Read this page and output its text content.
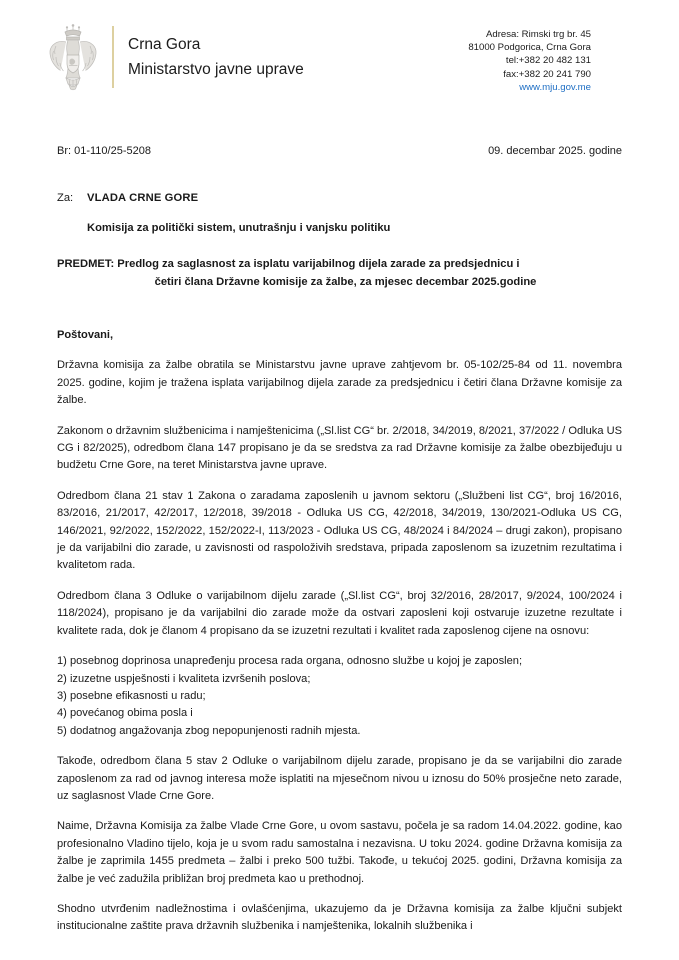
Crna Gora
Ministarstvo javne uprave
Adresa: Rimski trg br. 45
81000 Podgorica, Crna Gora
tel:+382 20 482 131
fax:+382 20 241 790
www.mju.gov.me
Br: 01-110/25-5208	09. decembar 2025. godine
Za:	VLADA CRNE GORE
Komisija za politički sistem, unutrašnju i vanjsku politiku
PREDMET: Predlog za saglasnost za isplatu varijabilnog dijela zarade za predsjednicu i
četiri člana Državne komisije za žalbe, za mjesec decembar 2025.godine

Poštovani,

Državna komisija za žalbe obratila se Ministarstvu javne uprave zahtjevom br. 05-102/25-84 od 11. novembra 2025. godine, kojim je tražena isplata varijabilnog dijela zarade za predsjednicu i četiri člana Državne komisije za žalbe.

Zakonom o državnim službenicima i namještenicima („Sl.list CG“ br. 2/2018, 34/2019, 8/2021, 37/2022 / Odluka US CG i 82/2025), odredbom člana 147 propisano je da se sredstva za rad Državne komisije za žalbe obezbijeđuju u budžetu Crne Gore, na teret Ministarstva javne uprave.

Odredbom člana 21 stav 1 Zakona o zaradama zaposlenih u javnom sektoru („Službeni list CG“, broj 16/2016, 83/2016, 21/2017, 42/2017, 12/2018, 39/2018 - Odluka US CG, 42/2018, 34/2019, 130/2021-Odluka US CG, 146/2021, 92/2022, 152/2022, 152/2022-I, 113/2023 - Odluka US CG, 48/2024 i 84/2024 – drugi zakon), propisano je da varijabilni dio zarade, u zavisnosti od raspoloživih sredstava, pripada zaposlenom sa izuzetnim rezultatima i kvalitetom rada.

Odredbom člana 3 Odluke o varijabilnom dijelu zarade („Sl.list CG“, broj 32/2016, 28/2017, 9/2024, 100/2024 i 118/2024), propisano je da varijabilni dio zarade može da ostvari zaposleni koji ostvaruje izuzetne rezultate i kvalitete rada, dok je članom 4 propisano da se izuzetni rezultati i kvalitet rada zaposlenog cijene na osnovu:

1) posebnog doprinosa unapređenju procesa rada organa, odnosno službe u kojoj je zaposlen;
2) izuzetne uspješnosti i kvaliteta izvršenih poslova;
3) posebne efikasnosti u radu;
4) povećanog obima posla i
5) dodatnog angažovanja zbog nepopunjenosti radnih mjesta.

Takođe, odredbom člana 5 stav 2 Odluke o varijabilnom dijelu zarade, propisano je da se varijabilni dio zarade zaposlenom za rad od javnog interesa može isplatiti na mjesečnom nivou u iznosu do 50% prosječne neto zarade, uz saglasnost Vlade Crne Gore.

Naime, Državna Komisija za žalbe Vlade Crne Gore, u ovom sastavu, počela je sa radom 14.04.2022. godine, kao profesionalno Vladino tijelo, koja je u svom radu samostalna i nezavisna. U toku 2024. godine Državna komisija za žalbe je zaprimila 1455 predmeta – žalbi i preko 500 tužbi. Takođe, u tekućoj 2025. godini, Državna komisija za žalbe je već zadužila približan broj predmeta kao u prethodnoj.

Shodno utvrđenim nadležnostima i ovlašćenjima, ukazujemo da je Državna komisija za žalbe ključni subjekt institucionalne zaštite prava državnih službenika i namještenika, lokalnih službenika i
